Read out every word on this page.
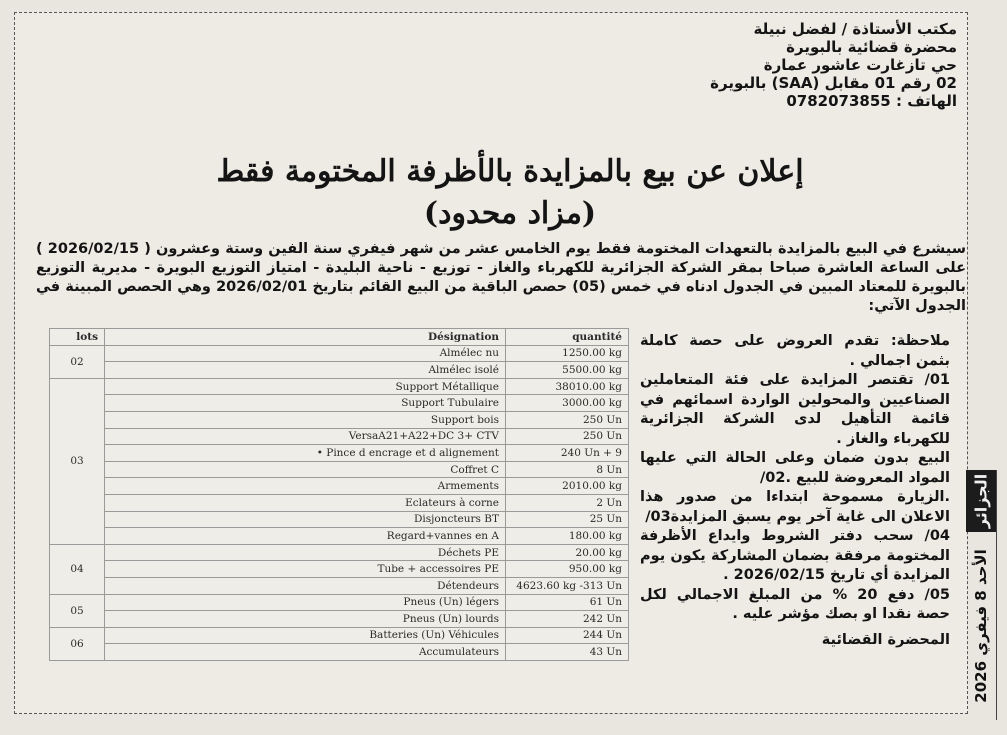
مكتب الأستاذة / لفضل نبيلة
محضرة قضائية بالبويرة
حي تازغارت عاشور عمارة
02 رقم 01 مقابل (SAA) بالبويرة
الهاتف : 0782073855
إعلان عن بيع بالمزايدة بالأظرفة المختومة فقط
(مزاد محدود)
سيشرع في البيع بالمزايدة بالتعهدات المختومة فقط يوم الخامس عشر من شهر فيفري سنة الفين وستة وعشرون ( 2026/02/15 ) على الساعة العاشرة صباحا بمقر الشركة الجزائرية للكهرباء والغاز - توزيع - ناحية البليدة - امتياز التوزيع البويرة - مديرية التوزيع بالبويرة للمعتاد المبين في الجدول ادناه في خمس (05) حصص الباقية من البيع القائم بتاريخ 2026/02/01 وهي الحصص المبينة في الجدول الآتي:

ملاحظة: تقدم العروض على حصة كاملة بثمن اجمالي .

01/ تقتصر المزايدة على فئة المتعاملين الصناعيين والمحولين الواردة اسمائهم في قائمة التأهيل لدى الشركة الجزائرية للكهرباء والغاز .

البيع بدون ضمان وعلى الحالة التي عليها المواد المعروضة للبيع .02/

.الزيارة مسموحة ابتداءا من صدور هذا الاعلان الى غاية آخر يوم يسبق المزايدة03/

04/ سحب دفتر الشروط وايداع الأظرفة المختومة مرفقة بضمان المشاركة يكون يوم المزايدة أي تاريخ 2026/02/15 .

05/ دفع 20 % من المبلغ الاجمالي لكل حصة نقدا او بصك مؤشر عليه .

المحضرة القضائية

lots	Désignation	quantité
02	Almélec nu	1250.00 kg
	Almélec isolé	5500.00 kg
03	Support Métallique	38010.00 kg
	Support Tubulaire	3000.00 kg
	Support bois	250 Un
	VersaA21+A22+DC 3+ CTV	250 Un
	• Pince d encrage et d alignement	240 Un + 9
	Coffret C	8 Un
	Armements	2010.00 kg
	Eclateurs à corne	2 Un
	Disjoncteurs BT	25 Un
	Regard+vannes en A	180.00 kg
04	Déchets PE	20.00 kg
	Tube + accessoires PE	950.00 kg
	Détendeurs	4623.60 kg -313 Un
05	Pneus (Un) légers	61 Un
	Pneus (Un) lourds	242 Un
06	Batteries (Un) Véhicules	244 Un
	Accumulateurs	43 Un
الجزائر
الأحد 8 فيفري 2026
